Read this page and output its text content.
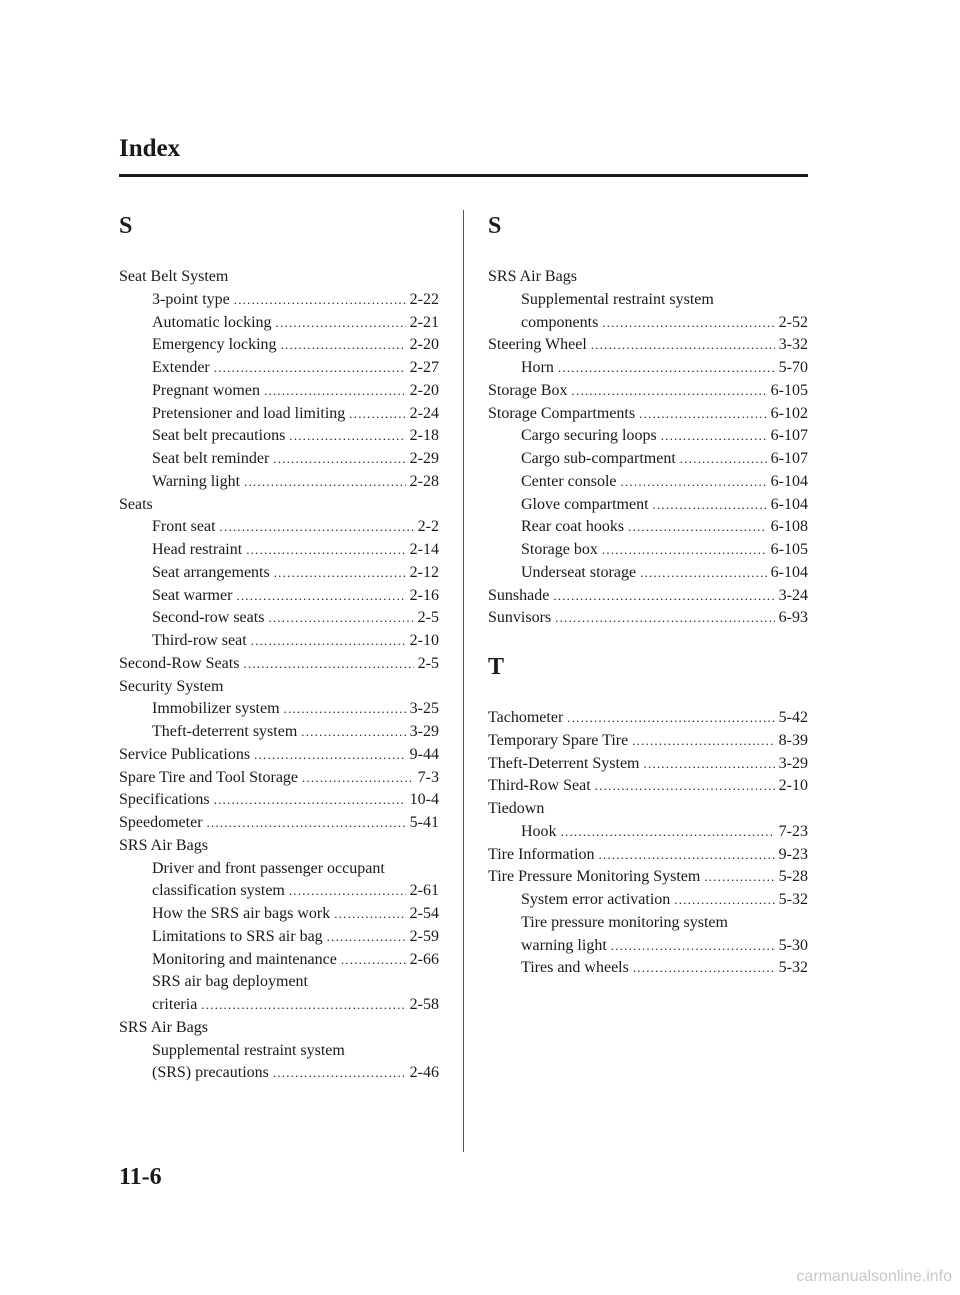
Index
S
Seat Belt System
3-point type .....	2-22
Automatic locking .....	2-21
Emergency locking .....	2-20
Extender .....	2-27
Pregnant women .....	2-20
Pretensioner and load limiting .....	2-24
Seat belt precautions .....	2-18
Seat belt reminder .....	2-29
Warning light .....	2-28
Seats
Front seat .....	2-2
Head restraint .....	2-14
Seat arrangements .....	2-12
Seat warmer .....	2-16
Second-row seats .....	2-5
Third-row seat .....	2-10
Second-Row Seats .....	2-5
Security System
Immobilizer system .....	3-25
Theft-deterrent system .....	3-29
Service Publications .....	9-44
Spare Tire and Tool Storage .....	7-3
Specifications .....	10-4
Speedometer .....	5-41
SRS Air Bags
Driver and front passenger occupant
classification system .....	2-61
How the SRS air bags work .....	2-54
Limitations to SRS air bag .....	2-59
Monitoring and maintenance .....	2-66
SRS air bag deployment
criteria .....	2-58
SRS Air Bags
Supplemental restraint system
(SRS) precautions .....	2-46
S
SRS Air Bags
Supplemental restraint system
components .....	2-52
Steering Wheel .....	3-32
Horn .....	5-70
Storage Box .....	6-105
Storage Compartments .....	6-102
Cargo securing loops .....	6-107
Cargo sub-compartment .....	6-107
Center console .....	6-104
Glove compartment .....	6-104
Rear coat hooks .....	6-108
Storage box .....	6-105
Underseat storage .....	6-104
Sunshade .....	3-24
Sunvisors .....	6-93
T
Tachometer .....	5-42
Temporary Spare Tire .....	8-39
Theft-Deterrent System .....	3-29
Third-Row Seat .....	2-10
Tiedown
Hook .....	7-23
Tire Information .....	9-23
Tire Pressure Monitoring System .....	5-28
System error activation .....	5-32
Tire pressure monitoring system
warning light .....	5-30
Tires and wheels .....	5-32
11-6
carmanualsonline.info
